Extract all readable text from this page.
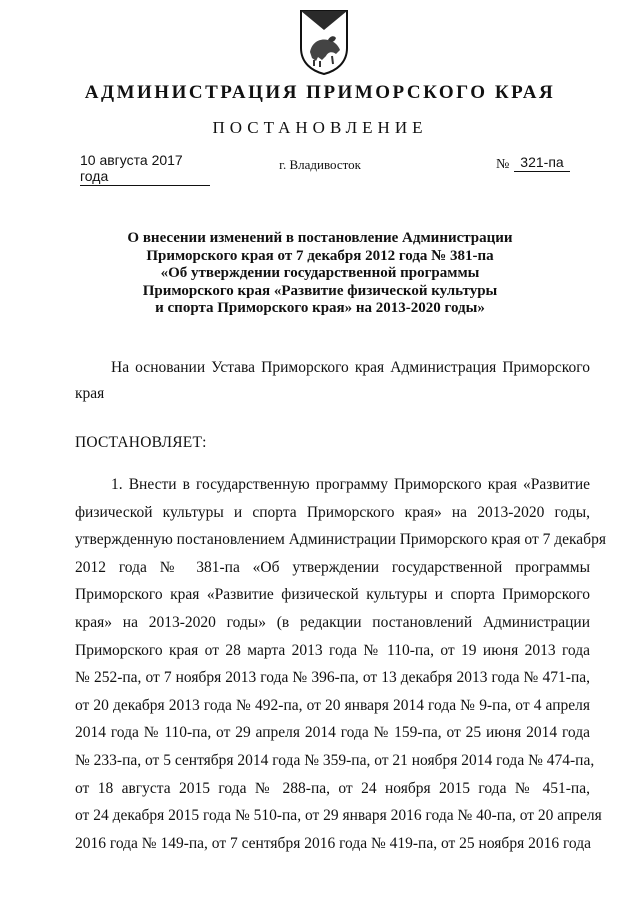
АДМИНИСТРАЦИЯ ПРИМОРСКОГО КРАЯ
ПОСТАНОВЛЕНИЕ
10 августа 2017 года
г. Владивосток	№ 321-па
О внесении изменений в постановление Администрации
Приморского края от 7 декабря 2012 года № 381-па
«Об утверждении государственной программы
Приморского края «Развитие физической культуры
и спорта Приморского края» на 2013-2020 годы»
На основании Устава Приморского края Администрация Приморского
края
ПОСТАНОВЛЯЕТ:
1. Внести в государственную программу Приморского края «Развитие
физической культуры и спорта Приморского края» на 2013-2020 годы,
утвержденную постановлением Администрации Приморского края от 7 декабря
2012 года № 381-па «Об утверждении государственной программы
Приморского края «Развитие физической культуры и спорта Приморского
края» на 2013-2020 годы» (в редакции постановлений Администрации
Приморского края от 28 марта 2013 года № 110-па, от 19 июня 2013 года
№ 252-па, от 7 ноября 2013 года № 396-па, от 13 декабря 2013 года № 471-па,
от 20 декабря 2013 года № 492-па, от 20 января 2014 года № 9-па, от 4 апреля
2014 года № 110-па, от 29 апреля 2014 года № 159-па, от 25 июня 2014 года
№ 233-па, от 5 сентября 2014 года № 359-па, от 21 ноября 2014 года № 474-па,
от 18 августа 2015 года № 288-па, от 24 ноября 2015 года № 451-па,
от 24 декабря 2015 года № 510-па, от 29 января 2016 года № 40-па, от 20 апреля
2016 года № 149-па, от 7 сентября 2016 года № 419-па, от 25 ноября 2016 года
